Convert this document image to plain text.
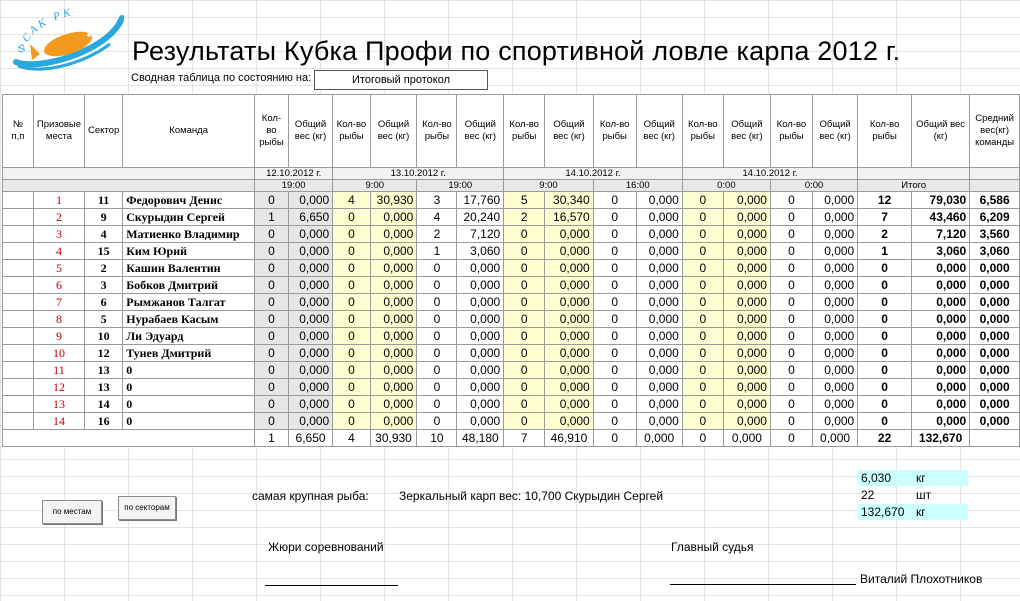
ФСАК РК
Результаты Кубка Профи по спортивной ловле карпа 2012 г.
Сводная таблица по состоянию на:	Итоговый протокол
№ п,п	Призовые места	Сектор	Команда	Кол-во рыбы	Общий вес (кг)	Кол-во рыбы	Общий вес (кг)	Кол-во рыбы	Общий вес (кг)	Кол-во рыбы	Общий вес (кг)	Кол-во рыбы	Общий вес (кг)	Кол-во рыбы	Общий вес (кг)	Кол-во рыбы	Общий вес (кг)	Кол-во рыбы	Общий вес (кг)	Средний вес(кг) команды
				12.10.2012 г.		13.10.2012 г.				14.10.2012 г.				14.10.2012 г.						
				19:00		9:00		19:00		9:00		16:00		0:00		0:00		Итого		
	1	11	Федорович Денис	0	0,000	4	30,930	3	17,760	5	30,340	0	0,000	0	0,000	0	0,000	12	79,030	6,586
	2	9	Скурыдин Сергей	1	6,650	0	0,000	4	20,240	2	16,570	0	0,000	0	0,000	0	0,000	7	43,460	6,209
	3	4	Матиенко Владимир	0	0,000	0	0,000	2	7,120	0	0,000	0	0,000	0	0,000	0	0,000	2	7,120	3,560
	4	15	Ким Юрий	0	0,000	0	0,000	1	3,060	0	0,000	0	0,000	0	0,000	0	0,000	1	3,060	3,060
	5	2	Кашин Валентин	0	0,000	0	0,000	0	0,000	0	0,000	0	0,000	0	0,000	0	0,000	0	0,000	0,000
	6	3	Бобков Дмитрий	0	0,000	0	0,000	0	0,000	0	0,000	0	0,000	0	0,000	0	0,000	0	0,000	0,000
	7	6	Рымжанов Талгат	0	0,000	0	0,000	0	0,000	0	0,000	0	0,000	0	0,000	0	0,000	0	0,000	0,000
	8	5	Нурабаев Касым	0	0,000	0	0,000	0	0,000	0	0,000	0	0,000	0	0,000	0	0,000	0	0,000	0,000
	9	10	Ли Эдуард	0	0,000	0	0,000	0	0,000	0	0,000	0	0,000	0	0,000	0	0,000	0	0,000	0,000
	10	12	Тунев Дмитрий	0	0,000	0	0,000	0	0,000	0	0,000	0	0,000	0	0,000	0	0,000	0	0,000	0,000
	11	13	0	0	0,000	0	0,000	0	0,000	0	0,000	0	0,000	0	0,000	0	0,000	0	0,000	0,000
	12	13	0	0	0,000	0	0,000	0	0,000	0	0,000	0	0,000	0	0,000	0	0,000	0	0,000	0,000
	13	14	0	0	0,000	0	0,000	0	0,000	0	0,000	0	0,000	0	0,000	0	0,000	0	0,000	0,000
	14	16	0	0	0,000	0	0,000	0	0,000	0	0,000	0	0,000	0	0,000	0	0,000	0	0,000	0,000
				1	6,650	4	30,930	10	48,180	7	46,910	0	0,000	0	0,000	0	0,000	22	132,670	
по местам	по секторам
самая крупная рыба:	Зеркальный карп вес: 10,700 Скурыдин Сергей
6,030 кг
22	шт
132,670 кг
Жюри соревнований	Главный судья
Виталий Плохотников
